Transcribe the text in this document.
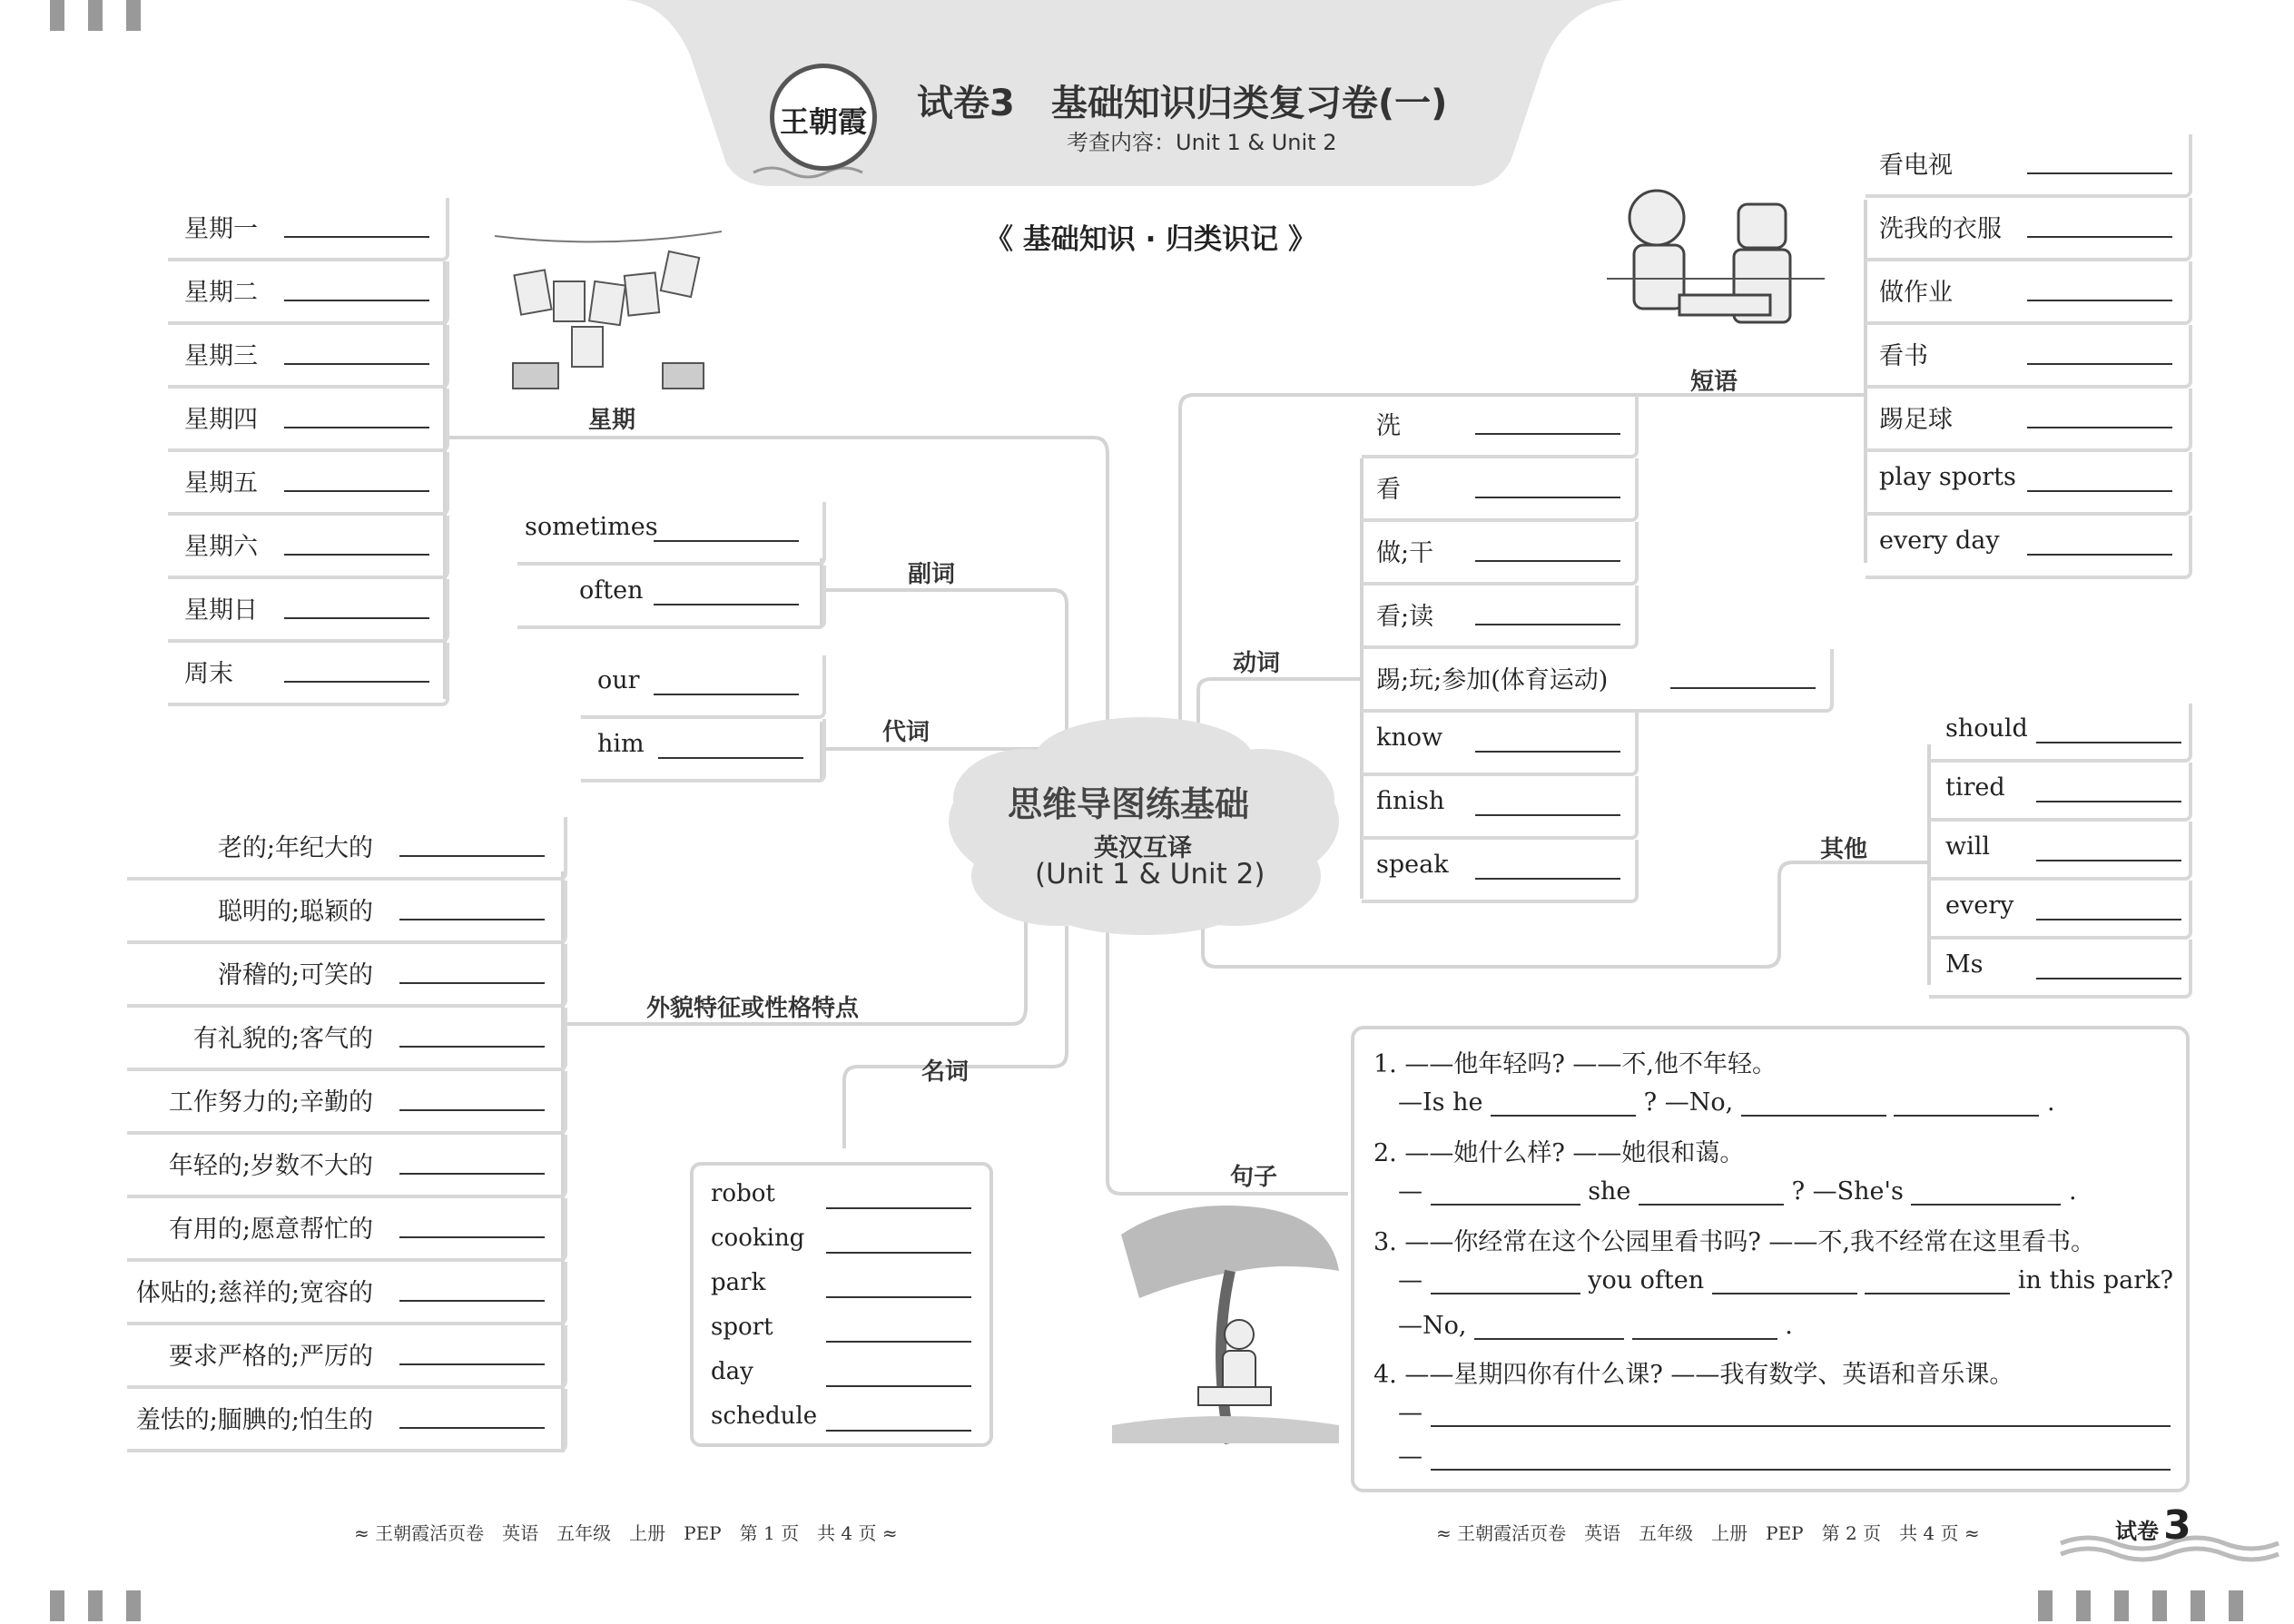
王朝霞 试卷3　基础知识归类复习卷(一)
考查内容：Unit 1 & Unit 2
《 基础知识 · 归类识记 》
思维导图练基础
英汉互译
(Unit 1 & Unit 2)
星期
副词
代词
外貌特征或性格特点
名词
句子
动词
短语
其他
星期一
星期二
星期三
星期四
星期五
星期六
星期日
周末
sometimes
often
our
him
老的;年纪大的
聪明的;聪颖的
滑稽的;可笑的
有礼貌的;客气的
工作努力的;辛勤的
年轻的;岁数不大的
有用的;愿意帮忙的
体贴的;慈祥的;宽容的
要求严格的;严厉的
羞怯的;腼腆的;怕生的
robot
cooking
park
sport
day
schedule
洗
看
做;干
看;读
踢;玩;参加(体育运动)
know
finish
speak
看电视
洗我的衣服
做作业
看书
踢足球
play sports
every day
should
tired
will
every
Ms
1. ——他年轻吗? ——不,他不年轻。
—Is he	? —No,	.
2. ——她什么样? ——她很和蔼。
—	she	? —She's	.
3. ——你经常在这个公园里看书吗? ——不,我不经常在这里看书。
—	you often	in this park?
—No,	.
4. ——星期四你有什么课? ——我有数学、英语和音乐课。
—
—
≈ 王朝霞活页卷　英语　五年级　上册　PEP　第 1 页　共 4 页 ≈	≈ 王朝霞活页卷　英语　五年级　上册　PEP　第 2 页　共 4 页 ≈	试卷 3
